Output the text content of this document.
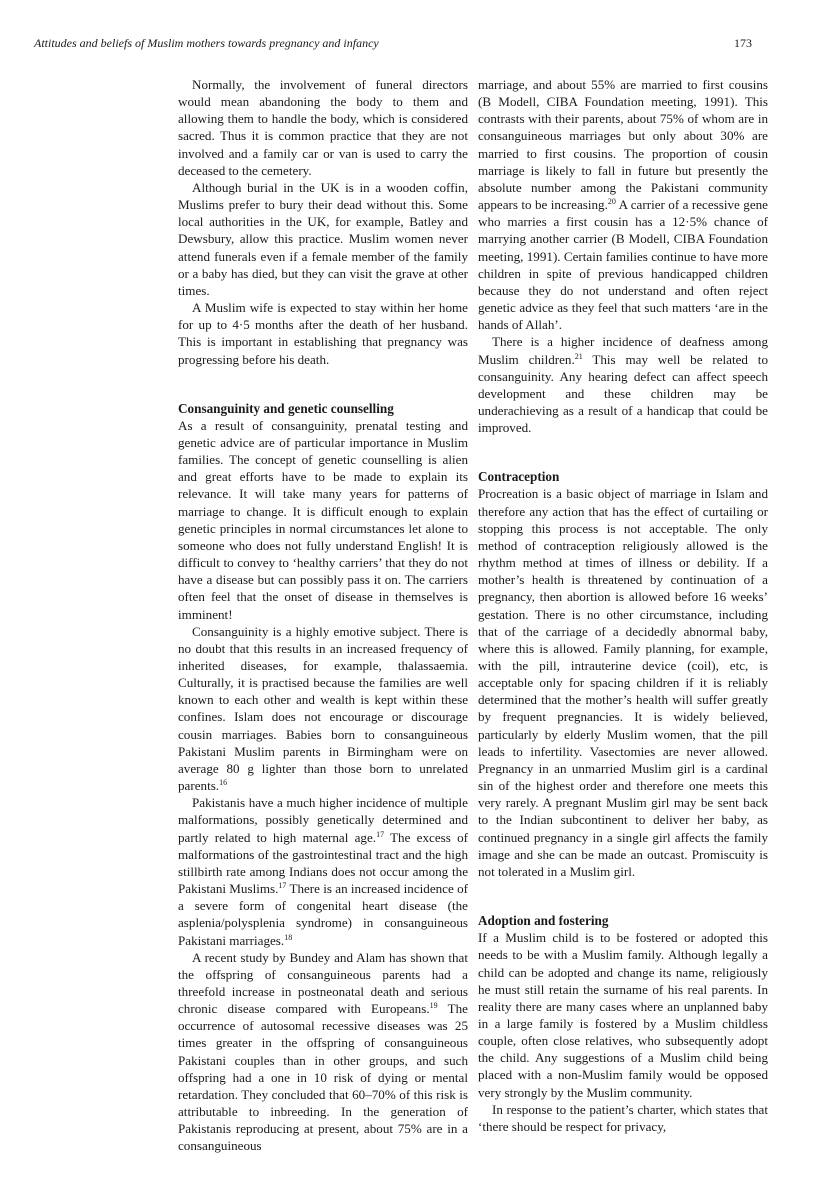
Attitudes and beliefs of Muslim mothers towards pregnancy and infancy	173

Normally, the involvement of funeral directors would mean abandoning the body to them and allowing them to handle the body, which is considered sacred. Thus it is common practice that they are not involved and a family car or van is used to carry the deceased to the cemetery.

Although burial in the UK is in a wooden coffin, Muslims prefer to bury their dead without this. Some local authorities in the UK, for example, Batley and Dewsbury, allow this practice. Muslim women never attend funerals even if a female member of the family or a baby has died, but they can visit the grave at other times.

A Muslim wife is expected to stay within her home for up to 4·5 months after the death of her husband. This is important in establishing that pregnancy was progressing before his death.

Consanguinity and genetic counselling

As a result of consanguinity, prenatal testing and genetic advice are of particular importance in Muslim families. The concept of genetic counselling is alien and great efforts have to be made to explain its relevance. It will take many years for patterns of marriage to change. It is difficult enough to explain genetic principles in normal circumstances let alone to someone who does not fully understand English! It is difficult to convey to ‘healthy carriers’ that they do not have a disease but can possibly pass it on. The carriers often feel that the onset of disease in themselves is imminent!

Consanguinity is a highly emotive subject. There is no doubt that this results in an increased frequency of inherited diseases, for example, thalassaemia. Culturally, it is practised because the families are well known to each other and wealth is kept within these confines. Islam does not encourage or discourage cousin marriages. Babies born to consanguineous Pakistani Muslim parents in Birmingham were on average 80 g lighter than those born to unrelated parents.$^{16}$

Pakistanis have a much higher incidence of multiple malformations, possibly genetically determined and partly related to high maternal age.$^{17}$ The excess of malformations of the gastrointestinal tract and the high stillbirth rate among Indians does not occur among the Pakistani Muslims.$^{17}$ There is an increased incidence of a severe form of congenital heart disease (the asplenia/polysplenia syndrome) in consanguineous Pakistani marriages.$^{18}$

A recent study by Bundey and Alam has shown that the offspring of consanguineous parents had a threefold increase in postneonatal death and serious chronic disease compared with Europeans.$^{19}$ The occurrence of autosomal recessive diseases was 25 times greater in the offspring of consanguineous Pakistani couples than in other groups, and such offspring had a one in 10 risk of dying or mental retardation. They concluded that 60–70% of this risk is attributable to inbreeding. In the generation of Pakistanis reproducing at present, about 75% are in a consanguineous

marriage, and about 55% are married to first cousins (B Modell, CIBA Foundation meeting, 1991). This contrasts with their parents, about 75% of whom are in consanguineous marriages but only about 30% are married to first cousins. The proportion of cousin marriage is likely to fall in future but presently the absolute number among the Pakistani community appears to be increasing.$^{20}$ A carrier of a recessive gene who marries a first cousin has a 12·5% chance of marrying another carrier (B Modell, CIBA Foundation meeting, 1991). Certain families continue to have more children in spite of previous handicapped children because they do not understand and often reject genetic advice as they feel that such matters ‘are in the hands of Allah’.

There is a higher incidence of deafness among Muslim children.$^{21}$ This may well be related to consanguinity. Any hearing defect can affect speech development and these children may be underachieving as a result of a handicap that could be improved.

Contraception

Procreation is a basic object of marriage in Islam and therefore any action that has the effect of curtailing or stopping this process is not acceptable. The only method of contraception religiously allowed is the rhythm method at times of illness or debility. If a mother’s health is threatened by continuation of a pregnancy, then abortion is allowed before 16 weeks’ gestation. There is no other circumstance, including that of the carriage of a decidedly abnormal baby, where this is allowed. Family planning, for example, with the pill, intrauterine device (coil), etc, is acceptable only for spacing children if it is reliably determined that the mother’s health will suffer greatly by frequent pregnancies. It is widely believed, particularly by elderly Muslim women, that the pill leads to infertility. Vasectomies are never allowed. Pregnancy in an unmarried Muslim girl is a cardinal sin of the highest order and therefore one meets this very rarely. A pregnant Muslim girl may be sent back to the Indian subcontinent to deliver her baby, as continued pregnancy in a single girl affects the family image and she can be made an outcast. Promiscuity is not tolerated in a Muslim girl.

Adoption and fostering

If a Muslim child is to be fostered or adopted this needs to be with a Muslim family. Although legally a child can be adopted and change its name, religiously he must still retain the surname of his real parents. In reality there are many cases where an unplanned baby in a large family is fostered by a Muslim childless couple, often close relatives, who subsequently adopt the child. Any suggestions of a Muslim child being placed with a non-Muslim family would be opposed very strongly by the Muslim community.

In response to the patient’s charter, which states that ‘there should be respect for privacy,
